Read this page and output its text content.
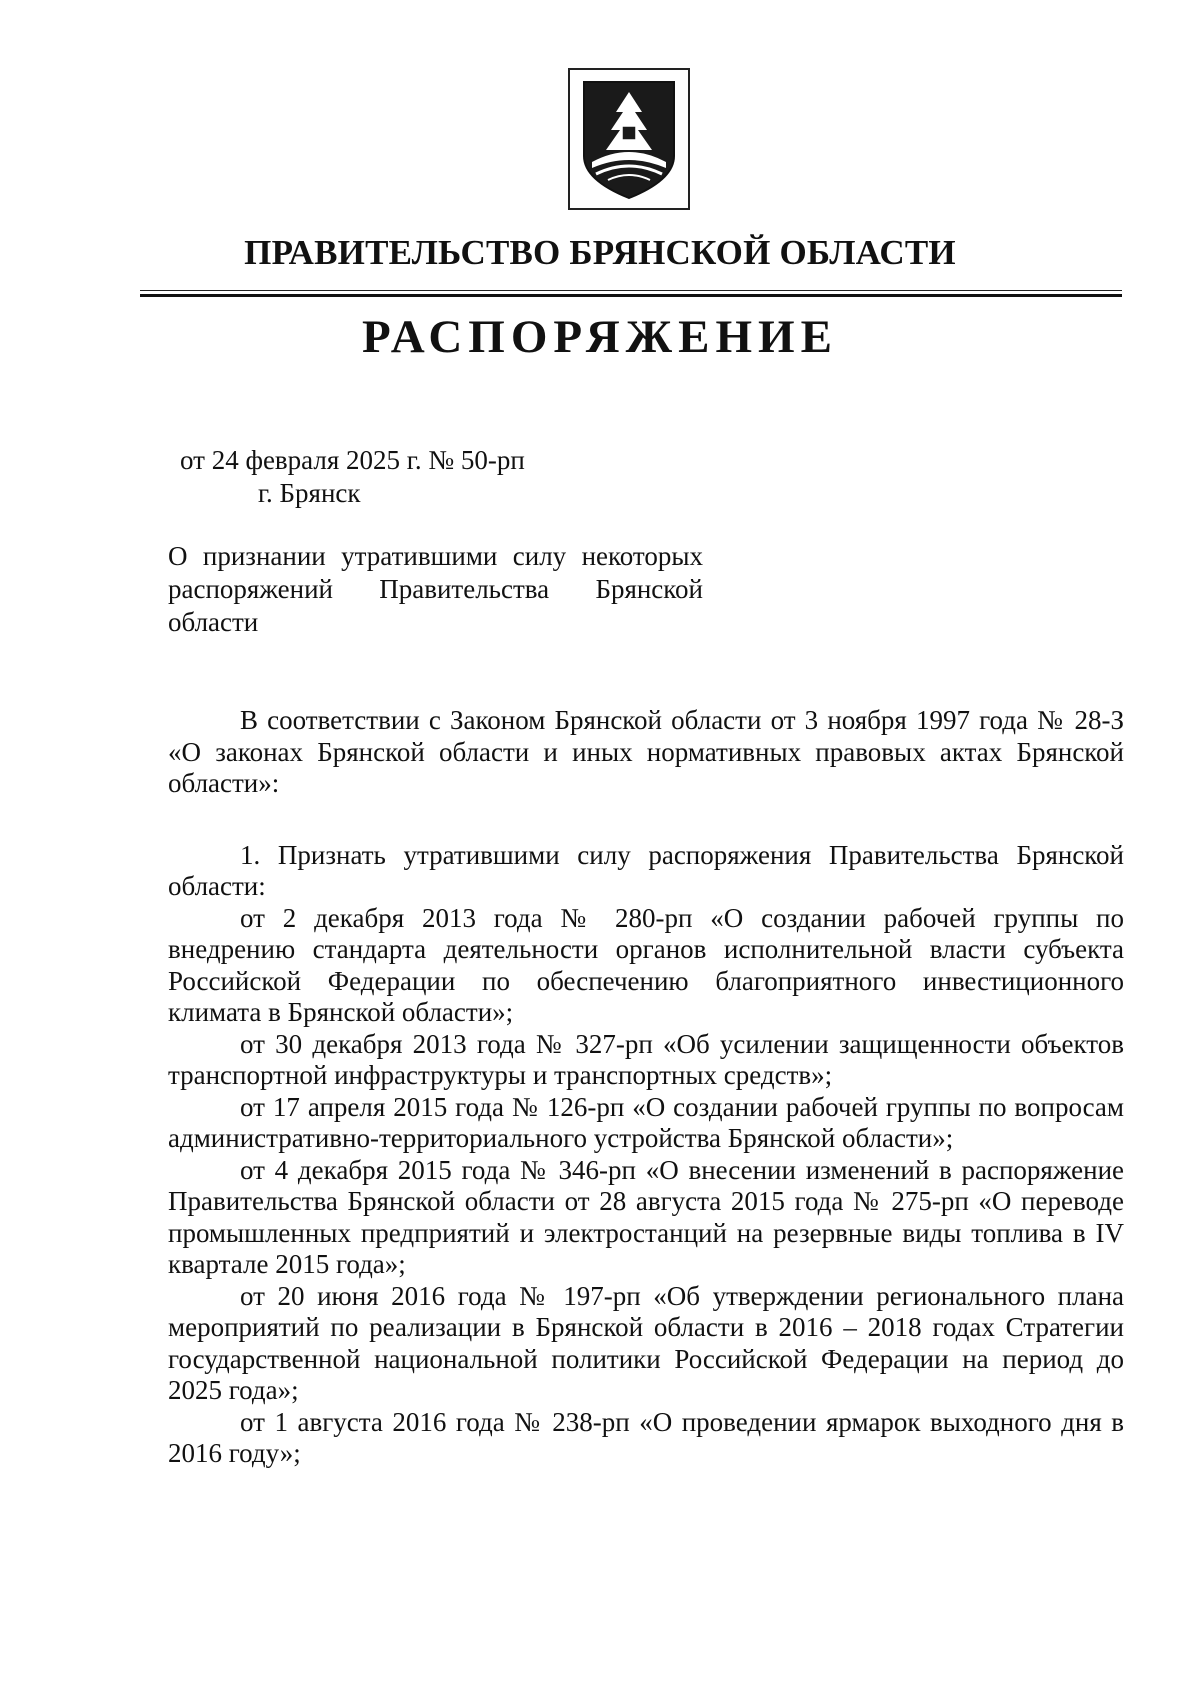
ПРАВИТЕЛЬСТВО БРЯНСКОЙ ОБЛАСТИ
РАСПОРЯЖЕНИЕ
от 24 февраля 2025 г. № 50-рп
г. Брянск
О признании утратившими силу некоторых распоряжений Правительства Брянской области

В соответствии с Законом Брянской области от 3 ноября 1997 года № 28-З «О законах Брянской области и иных нормативных правовых актах Брянской области»:

1. Признать утратившими силу распоряжения Правительства Брянской области:

от 2 декабря 2013 года № 280-рп «О создании рабочей группы по внедрению стандарта деятельности органов исполнительной власти субъекта Российской Федерации по обеспечению благоприятного инвестиционного климата в Брянской области»;

от 30 декабря 2013 года № 327-рп «Об усилении защищенности объектов транспортной инфраструктуры и транспортных средств»;

от 17 апреля 2015 года № 126-рп «О создании рабочей группы по вопросам административно-территориального устройства Брянской области»;

от 4 декабря 2015 года № 346-рп «О внесении изменений в распоряжение Правительства Брянской области от 28 августа 2015 года № 275-рп «О переводе промышленных предприятий и электростанций на резервные виды топлива в IV квартале 2015 года»;

от 20 июня 2016 года № 197-рп «Об утверждении регионального плана мероприятий по реализации в Брянской области в 2016 – 2018 годах Стратегии государственной национальной политики Российской Федерации на период до 2025 года»;

от 1 августа 2016 года № 238-рп «О проведении ярмарок выходного дня в 2016 году»;
